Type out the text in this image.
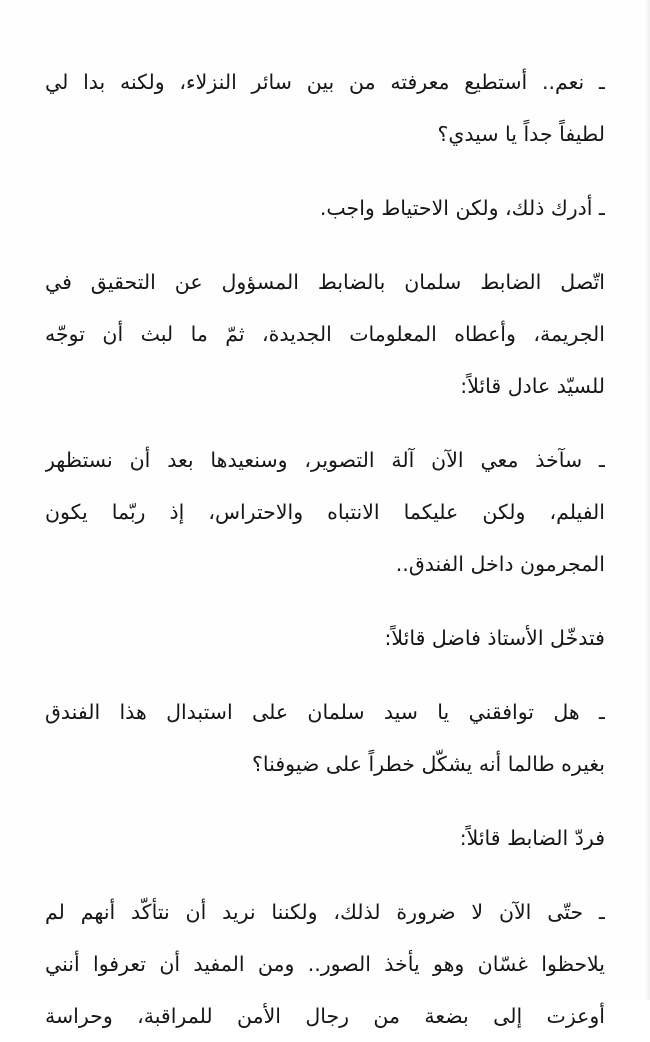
ـ نعم.. أستطيع معرفته من بين سائر النزلاء، ولكنه بدا لي
لطيفاً جداً يا سيدي؟
ـ أدرك ذلك، ولكن الاحتياط واجب.
اتّصل الضابط سلمان بالضابط المسؤول عن التحقيق في
الجريمة، وأعطاه المعلومات الجديدة، ثمّ ما لبث أن توجّه
للسيّد عادل قائلاً:
ـ سآخذ معي الآن آلة التصوير، وسنعيدها بعد أن نستظهر
الفيلم، ولكن عليكما الانتباه والاحتراس، إذ ربّما يكون
المجرمون داخل الفندق..
فتدخّل الأستاذ فاضل قائلاً:
ـ هل توافقني يا سيد سلمان على استبدال هذا الفندق
بغيره طالما أنه يشكّل خطراً على ضيوفنا؟
فردّ الضابط قائلاً:
ـ حتّى الآن لا ضرورة لذلك، ولكننا نريد أن نتأكّد أنهم لم
يلاحظوا غسّان وهو يأخذ الصور.. ومن المفيد أن تعرفوا أنني
أوعزت إلى بضعة من رجال الأمن للمراقبة، وحراسة
